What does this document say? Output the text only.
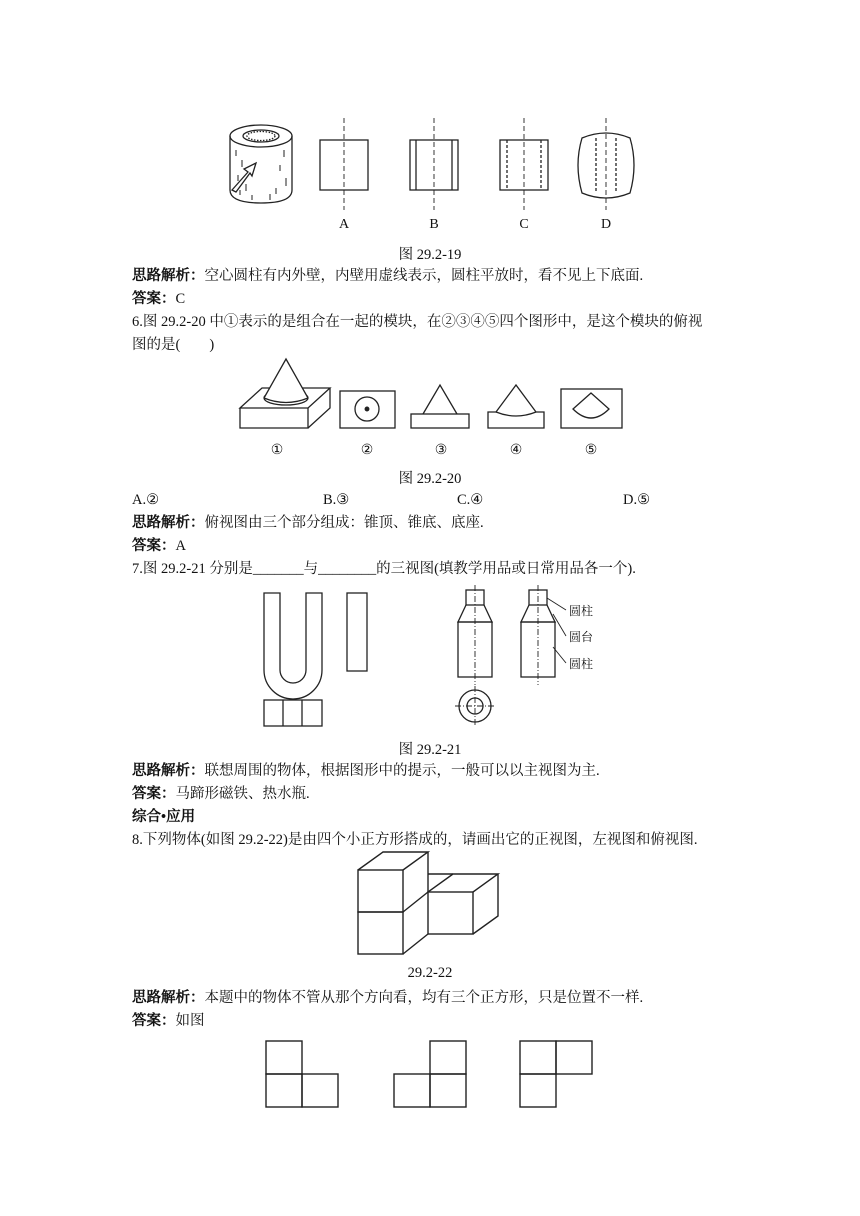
A	B	C	D
图 29.2-19
思路解析：空心圆柱有内外壁，内壁用虚线表示，圆柱平放时，看不见上下底面.
答案：C
6.图 29.2-20 中①表示的是组合在一起的模块，在②③④⑤四个图形中，是这个模块的俯视
图的是(　　)
①	②	③	④	⑤
图 29.2-20
A.②	B.③	C.④	D.⑤
思路解析：俯视图由三个部分组成：锥顶、锥底、底座.
答案：A
7.图 29.2-21 分别是_______与________的三视图(填教学用品或日常用品各一个).
圆柱
圆台
圆柱
图 29.2-21
思路解析：联想周围的物体，根据图形中的提示，一般可以以主视图为主.
答案：马蹄形磁铁、热水瓶.
综合•应用
8.下列物体(如图 29.2-22)是由四个小正方形搭成的，请画出它的正视图，左视图和俯视图.
29.2-22
思路解析：本题中的物体不管从那个方向看，均有三个正方形，只是位置不一样.
答案：如图
